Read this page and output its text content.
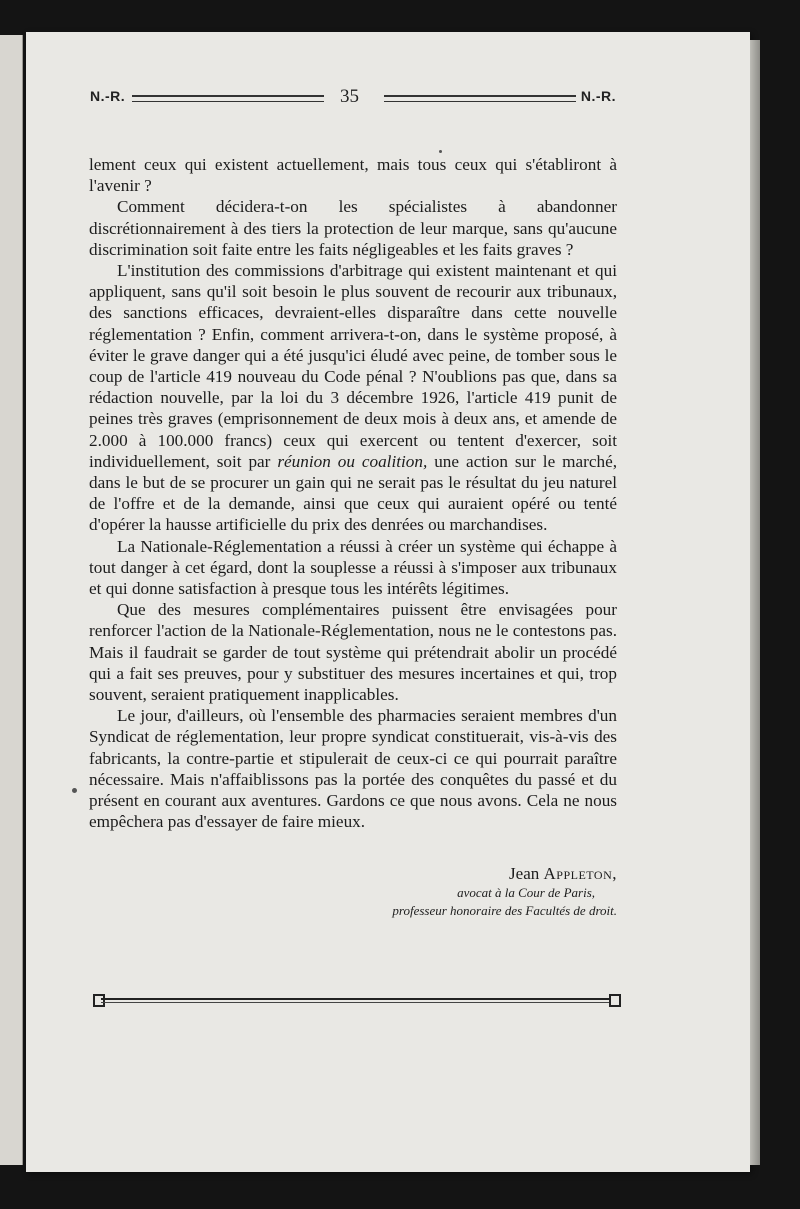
N.-R.	35	N.-R.

lement ceux qui existent actuellement, mais tous ceux qui s'établiront à l'avenir ?

Comment décidera-t-on les spécialistes à abandonner discrétionnairement à des tiers la protection de leur marque, sans qu'aucune discrimination soit faite entre les faits négligeables et les faits graves ?

L'institution des commissions d'arbitrage qui existent maintenant et qui appliquent, sans qu'il soit besoin le plus souvent de recourir aux tribunaux, des sanctions efficaces, devraient-elles disparaître dans cette nouvelle réglementation ? Enfin, comment arrivera-t-on, dans le système proposé, à éviter le grave danger qui a été jusqu'ici éludé avec peine, de tomber sous le coup de l'article 419 nouveau du Code pénal ? N'oublions pas que, dans sa rédaction nouvelle, par la loi du 3 décembre 1926, l'article 419 punit de peines très graves (emprisonnement de deux mois à deux ans, et amende de 2.000 à 100.000 francs) ceux qui exercent ou tentent d'exercer, soit individuellement, soit par réunion ou coalition, une action sur le marché, dans le but de se procurer un gain qui ne serait pas le résultat du jeu naturel de l'offre et de la demande, ainsi que ceux qui auraient opéré ou tenté d'opérer la hausse artificielle du prix des denrées ou marchandises.

La Nationale-Réglementation a réussi à créer un système qui échappe à tout danger à cet égard, dont la souplesse a réussi à s'imposer aux tribunaux et qui donne satisfaction à presque tous les intérêts légitimes.

Que des mesures complémentaires puissent être envisagées pour renforcer l'action de la Nationale-Réglementation, nous ne le contestons pas. Mais il faudrait se garder de tout système qui prétendrait abolir un procédé qui a fait ses preuves, pour y substituer des mesures incertaines et qui, trop souvent, seraient pratiquement inapplicables.

Le jour, d'ailleurs, où l'ensemble des pharmacies seraient membres d'un Syndicat de réglementation, leur propre syndicat constituerait, vis-à-vis des fabricants, la contre-partie et stipulerait de ceux-ci ce qui pourrait paraître nécessaire. Mais n'affaiblissons pas la portée des conquêtes du passé et du présent en courant aux aventures. Gardons ce que nous avons. Cela ne nous empêchera pas d'essayer de faire mieux.

Jean Appleton,
avocat à la Cour de Paris,
professeur honoraire des Facultés de droit.
